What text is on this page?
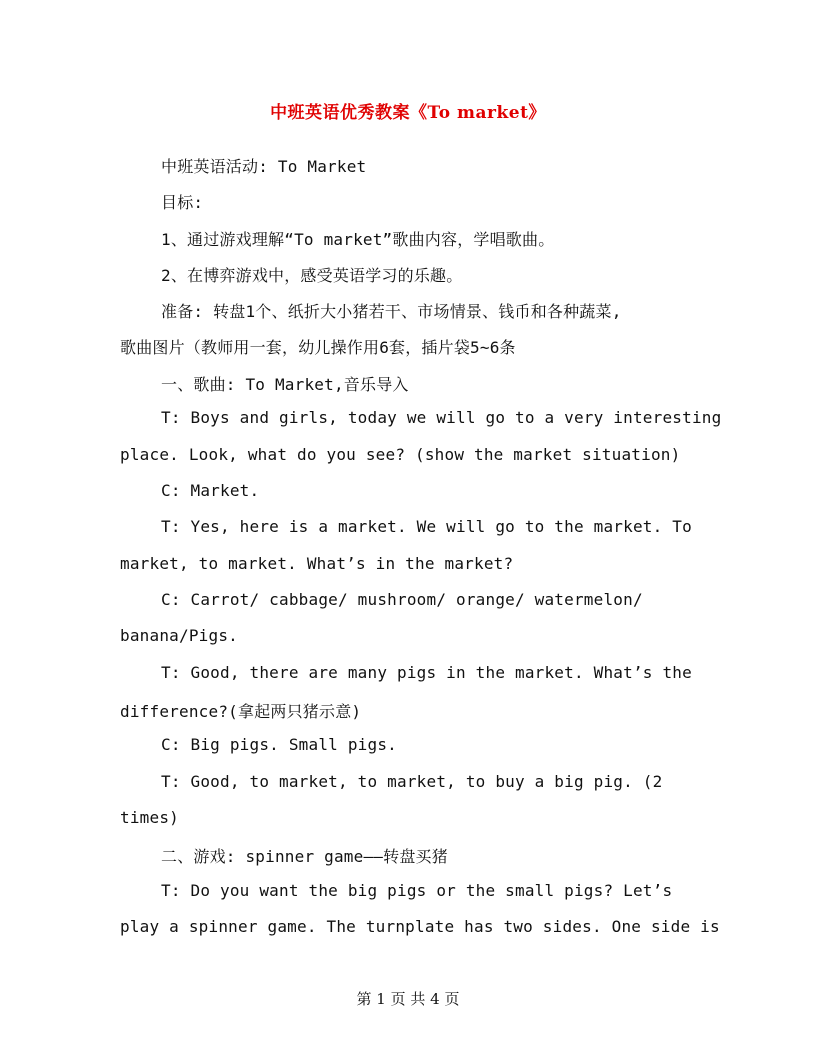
中班英语优秀教案《To market》
中班英语活动: To Market
目标:
1、通过游戏理解“To market”歌曲内容，学唱歌曲。
2、在博弈游戏中，感受英语学习的乐趣。
准备: 转盘1个、纸折大小猪若干、市场情景、钱币和各种蔬菜,
歌曲图片（教师用一套，幼儿操作用6套，插片袋5~6条
一、歌曲: To Market,音乐导入
T: Boys and girls, today we will go to a very interesting
place. Look, what do you see? (show the market situation)
C: Market.
T: Yes, here is a market. We will go to the market. To
market, to market. What’s in the market?
C: Carrot/ cabbage/ mushroom/ orange/ watermelon/
banana/Pigs.
T: Good, there are many pigs in the market. What’s the
difference?(拿起两只猪示意)
C: Big pigs. Small pigs.
T: Good, to market, to market, to buy a big pig. (2
times)
二、游戏: spinner game——转盘买猪
T: Do you want the big pigs or the small pigs? Let’s
play a spinner game. The turnplate has two sides. One side is
第 1 页 共 4 页
